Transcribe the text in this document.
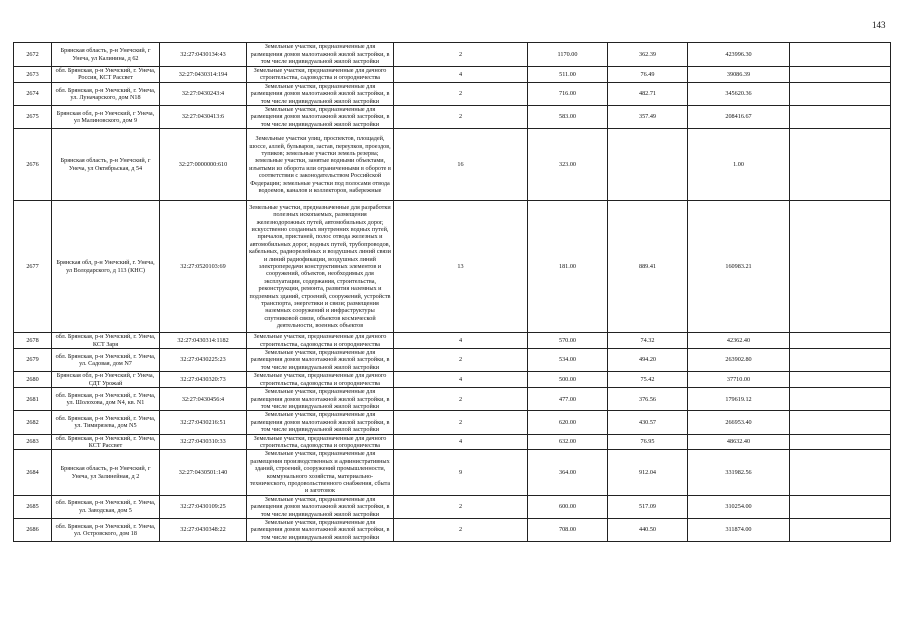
143
2672	Брянская область, р-н Унечский, г Унеча, ул Калинина, д 62	32:27:0430134:43	Земельные участки, предназначенные для размещения домов малоэтажной жилой застройки, в том числе индивидуальной жилой застройки	2	1170.00	362.39	423996.30	
2673	обл. Брянская, р-н Унечский, г. Унеча, Россия, КСТ Рассвет	32:27:0430314:194	Земельные участки, предназначенные для дачного строительства, садоводства и огородничества	4	511.00	76.49	39086.39	
2674	обл. Брянская, р-н Унечский, г. Унеча, ул. Луначарского, дом N18	32:27:0430243:4	Земельные участки, предназначенные для размещения домов малоэтажной жилой застройки, в том числе индивидуальной жилой застройки	2	716.00	482.71	345620.36	
2675	Брянская обл, р-н Унечский, г Унеча, ул Малиновского, дом 9	32:27:0430413:6	Земельные участки, предназначенные для размещения домов малоэтажной жилой застройки, в том числе индивидуальной жилой застройки	2	583.00	357.49	208416.67	
2676	Брянская область, р-н Унечский, г Унеча, ул Октябрьская, д 54	32:27:0000000:610	Земельные участки улиц, проспектов, площадей, шоссе, аллей, бульваров, застав, переулков, проездов, тупиков; земельные участки земель резерва; земельные участки, занятые водными объектами, изъятыми из оборота или ограниченными в обороте в соответствии с законодательством Российской Федерации; земельные участки под полосами отвода водоемов, каналов и коллекторов, набережные	16	323.00		1.00	
2677	Брянская обл, р-н Унечский, г. Унеча, ул Володарского, д 113 (КНС)	32:27:0520103:69	Земельные участки, предназначенные для разработки полезных ископаемых, размещения железнодорожных путей, автомобильных дорог, искусственно созданных внутренних водных путей, причалов, пристаней, полос отвода железных и автомобильных дорог, водных путей, трубопроводов, кабельных, радиорелейных и воздушных линий связи и линий радиофикации, воздушных линий электропередачи конструктивных элементов и сооружений, объектов, необходимых для эксплуатации, содержания, строительства, реконструкции, ремонта, развития наземных и подземных зданий, строений, сооружений, устройств транспорта, энергетики и связи; размещения наземных сооружений и инфраструктуры спутниковой связи, объектов космической деятельности, военных объектов	13	181.00	889.41	160983.21	
2678	обл. Брянская, р-н Унечский, г. Унеча, КСТ Заря	32:27:0430314:1182	Земельные участки, предназначенные для дачного строительства, садоводства и огородничества	4	570.00	74.32	42362.40	
2679	обл. Брянская, р-н Унечский, г. Унеча, ул. Садовая, дом N7	32:27:0430225:23	Земельные участки, предназначенные для размещения домов малоэтажной жилой застройки, в том числе индивидуальной жилой застройки	2	534.00	494.20	263902.80	
2680	Брянская обл, р-н Унечский, г Унеча, СДТ Урожай	32:27:0430320:73	Земельные участки, предназначенные для дачного строительства, садоводства и огородничества	4	500.00	75.42	37710.00	
2681	обл. Брянская, р-н Унечский, г. Унеча, ул. Шолохова, дом N4, кв. N1	32:27:0430456:4	Земельные участки, предназначенные для размещения домов малоэтажной жилой застройки, в том числе индивидуальной жилой застройки	2	477.00	376.56	179619.12	
2682	обл. Брянская, р-н Унечский, г. Унеча, ул. Тимирязева, дом N5	32:27:0430216:51	Земельные участки, предназначенные для размещения домов малоэтажной жилой застройки, в том числе индивидуальной жилой застройки	2	620.00	430.57	266953.40	
2683	обл. Брянская, р-н Унечский, г. Унеча, КСТ Рассвет	32:27:0430310:33	Земельные участки, предназначенные для дачного строительства, садоводства и огородничества	4	632.00	76.95	48632.40	
2684	Брянская область, р-н Унечский, г Унеча, ул Залинейная, д 2	32:27:0430501:140	Земельные участки, предназначенные для размещения производственных и административных зданий, строений, сооружений промышленности, коммунального хозяйства, материально-технического, продовольственного снабжения, сбыта и заготовок	9	364.00	912.04	331982.56	
2685	обл. Брянская, р-н Унечский, г. Унеча, ул. Заводская, дом 5	32:27:0430109:25	Земельные участки, предназначенные для размещения домов малоэтажной жилой застройки, в том числе индивидуальной жилой застройки	2	600.00	517.09	310254.00	
2686	обл. Брянская, р-н Унечский, г. Унеча, ул. Островского, дом 18	32:27:0430348:22	Земельные участки, предназначенные для размещения домов малоэтажной жилой застройки, в том числе индивидуальной жилой застройки	2	708.00	440.50	311874.00	
